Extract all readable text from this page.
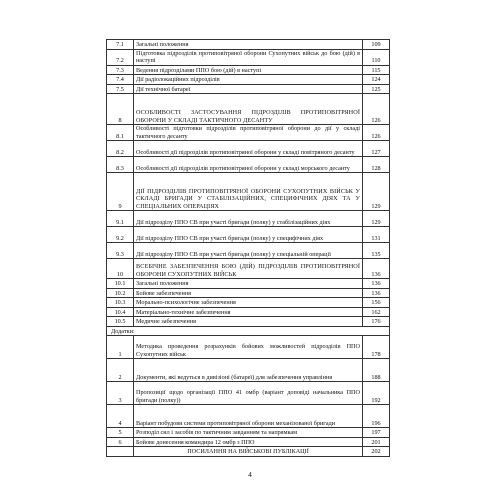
7.1	Загальні положення	109
7.2	Підготовка підрозділів протиповітряної оборони Сухопутних військ до бою (дій) в наступі	110
7.3	Ведення підрозділами ППО бою (дій) в наступі	115
7.4	Дії радіолокаційних підрозділів	124
7.5	Дії технічної батареї	125
8	ОСОБЛИВОСТІ ЗАСТОСУВАННЯ ПІДРОЗДІЛІВ ПРОТИПОВІТРЯНОЇ ОБОРОНИ У СКЛАДІ ТАКТИЧНОГО ДЕСАНТУ	126
8.1	Особливості підготовки підрозділів протиповітряної оборони до дії у складі тактичного десанту	126
8.2	Особливості дії підрозділів протиповітряної оборони у складі повітряного десанту	127
8.3	Особливості дії підрозділів протиповітряної оборони у складі морського десанту	128
9	ДІЇ ПІДРОЗДІЛІВ ПРОТИПОВІТРЯНОЇ ОБОРОНИ СУХОПУТНИХ ВІЙСЬК У СКЛАДІ БРИГАДИ У СТАБІЛІЗАЦІЙНИХ, СПЕЦИФІЧНИХ ДІЯХ ТА У СПЕЦІАЛЬНИХ ОПЕРАЦІЯХ	129
9.1	Дії підрозділу ППО СВ при участі бригади (полку) у стабілізаційних діях	129
9.2	Дії підрозділу ППО СВ при участі бригади (полку) у специфічних діях	131
9.3	Дії підрозділу ППО СВ при участі бригади (полку) у спеціальній операції	135
10	ВСЕБІЧНЕ ЗАБЕЗПЕЧЕННЯ БОЮ (ДІЙ) ПІДРОЗДІЛІВ ПРОТИПОВІТРЯНОЇ ОБОРОНИ СУХОПУТНИХ ВІЙСЬК	136
10.1	Загальні положення	136
10.2	Бойове забезпечення	136
10.3	Морально-психологічне забезпечення	156
10.4	Матеріально-технічне забезпечення	162
10.5	Медичне забезпечення	176
Додатки:		
1	Методика проведення розрахунків бойових можливостей підрозділів ППО Сухопутних військ	178
2	Документи, які ведуться в дивізіоні (батареї) для забезпечення управління	188
3	Пропозиції щодо організації ППО 41 омбр (варіант доповіді начальника ППО бригади (полку))	192
4	Варіант побудови системи протиповітряної оборони механізованої бригади	196
5	Розподіл сил і засобів по тактичним завданням та напрямкам	197
6	Бойове донесення командира 12 омбр з ППО	201
	ПОСИЛАННЯ НА ВІЙСЬКОВІ ПУБЛІКАЦІЇ	202
4
